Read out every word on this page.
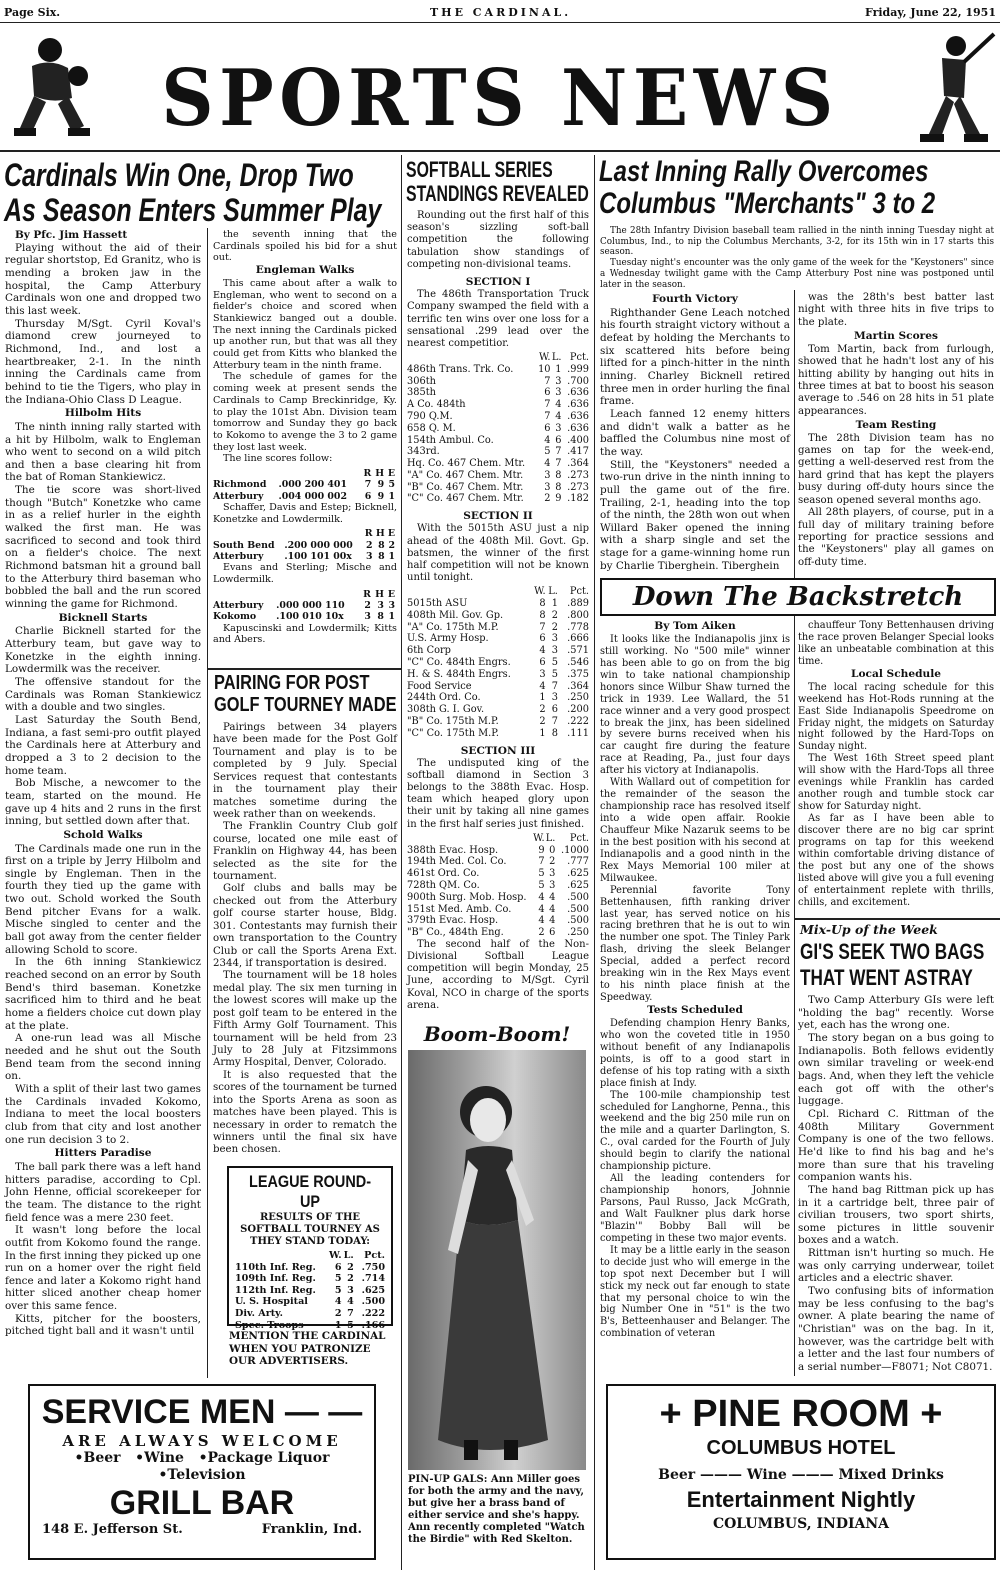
Page Six.	THE CARDINAL.	Friday, June 22, 1951
SPORTS NEWS
Cardinals Win One, Drop Two
As Season Enters Summer Play
By Pfc. Jim Hassett

Playing without the aid of their regular shortstop, Ed Granitz, who is mending a broken jaw in the hospital, the Camp Atterbury Cardinals won one and dropped two this last week.

Thursday M/Sgt. Cyril Koval's diamond crew journeyed to Richmond, Ind., and lost a heartbreaker, 2-1. In the ninth inning the Cardinals came from behind to tie the Tigers, who play in the Indiana-Ohio Class D League.

Hilbolm Hits

The ninth inning rally started with a hit by Hilbolm, walk to Engleman who went to second on a wild pitch and then a base clearing hit from the bat of Roman Stankiewicz.

The tie score was short-lived though "Butch" Konetzke who came in as a relief hurler in the eighth walked the first man. He was sacrificed to second and took third on a fielder's choice. The next Richmond batsman hit a ground ball to the Atterbury third baseman who bobbled the ball and the run scored winning the game for Richmond.

Bicknell Starts

Charlie Bicknell started for the Atterbury team, but gave way to Konetzke in the eighth inning. Lowdermilk was the receiver.

The offensive standout for the Cardinals was Roman Stankiewicz with a double and two singles.

Last Saturday the South Bend, Indiana, a fast semi-pro outfit played the Cardinals here at Atterbury and dropped a 3 to 2 decision to the home team.

Bob Mische, a newcomer to the team, started on the mound. He gave up 4 hits and 2 runs in the first inning, but settled down after that.

Schold Walks

The Cardinals made one run in the first on a triple by Jerry Hilbolm and single by Engleman. Then in the fourth they tied up the game with two out. Schold worked the South Bend pitcher Evans for a walk. Mische singled to center and the ball got away from the center fielder allowing Schold to score.

In the 6th inning Stankiewicz reached second on an error by South Bend's third baseman. Konetzke sacrificed him to third and he beat home a fielders choice cut down play at the plate.

A one-run lead was all Mische needed and he shut out the South Bend team from the second inning on.

With a split of their last two games the Cardinals invaded Kokomo, Indiana to meet the local boosters club from that city and lost another one run decision 3 to 2.

Hitters Paradise

The ball park there was a left hand hitters paradise, according to Cpl. John Henne, official scorekeeper for the team. The distance to the right field fence was a mere 230 feet.

It wasn't long before the local outfit from Kokomo found the range. In the first inning they picked up one run on a homer over the right field fence and later a Kokomo right hand hitter sliced another cheap homer over this same fence.

Kitts, pitcher for the boosters, pitched tight ball and it wasn't until

the seventh inning that the Cardinals spoiled his bid for a shut out.

Engleman Walks

This came about after a walk to Engleman, who went to second on a fielder's choice and scored when Stankiewicz banged out a double. The next inning the Cardinals picked up another run, but that was all they could get from Kitts who blanked the Atterbury team in the ninth frame.

The schedule of games for the coming week at present sends the Cardinals to Camp Breckinridge, Ky. to play the 101st Abn. Division team tomorrow and Sunday they go back to Kokomo to avenge the 3 to 2 game they lost last week.

The line scores follow:

		R	H	E
Richmond	.000 200 401	7	9	5
Atterbury	.004 000 002	6	9	1

Schaffer, Davis and Estep; Bicknell, Konetzke and Lowdermilk.

		R	H	E
South Bend	.200 000 000	2	8	2
Atterbury	.100 101 00x	3	8	1

Evans and Sterling; Mische and Lowdermilk.

		R	H	E
Atterbury	.000 000 110	2	3	3
Kokomo	.100 010 10x	3	8	1

Kapuscinski and Lowdermilk; Kitts and Abers.

PAIRING FOR POST
GOLF TOURNEY MADE

Pairings between 34 players have been made for the Post Golf Tournament and play is to be completed by 9 July. Special Services request that contestants in the tournament play their matches sometime during the week rather than on weekends.

The Franklin Country Club golf course, located one mile east of Franklin on Highway 44, has been selected as the site for the tournament.

Golf clubs and balls may be checked out from the Atterbury golf course starter house, Bldg. 301. Contestants may furnish their own transportation to the Country Club or call the Sports Arena Ext. 2344, if transportation is desired.

The tournament will be 18 holes medal play. The six men turning in the lowest scores will make up the post golf team to be entered in the Fifth Army Golf Tournament. This tournament will be held from 23 July to 28 July at Fitzsimmons Army Hospital, Denver, Colorado.

It is also requested that the scores of the tournament be turned into the Sports Arena as soon as matches have been played. This is necessary in order to rematch the winners until the final six have been chosen.

LEAGUE ROUND-UP
RESULTS OF THE SOFTBALL TOURNEY AS THEY STAND TODAY:
	W.	L.	Pct.
110th Inf. Reg.	6	2	.750
109th Inf. Reg.	5	2	.714
112th Inf. Reg.	5	3	.625
U. S. Hospital	4	4	.500
Div. Arty.	2	7	.222
Spec. Troops	1	5	.166
MENTION THE CARDINAL WHEN YOU PATRONIZE OUR ADVERTISERS.
SOFTBALL SERIES
STANDINGS REVEALED

Rounding out the first half of this season's sizzling soft-ball competition the following tabulation show standings of competing non-divisional teams.

SECTION I

The 486th Transportation Truck Company swamped the field with a terrific ten wins over one loss for a sensational .299 lead over the nearest competitior.

	W.	L.	Pct.
486th Trans. Trk. Co.	10	1	.999
306th	7	3	.700
385th	6	3	.636
A Co. 484th	7	4	.636
790 Q.M.	7	4	.636
658 Q. M.	6	3	.636
154th Ambul. Co.	4	6	.400
343rd.	5	7	.417
Hq. Co. 467 Chem. Mtr.	4	7	.364
"A" Co. 467 Chem. Mtr.	3	8	.273
"B" Co. 467 Chem. Mtr.	3	8	.273
"C" Co. 467 Chem. Mtr.	2	9	.182
SECTION II

With the 5015th ASU just a nip ahead of the 408th Mil. Govt. Gp. batsmen, the winner of the first half competition will not be known until tonight.

	W.	L.	Pct.
5015th ASU	8	1	.889
408th Mil. Gov. Gp.	8	2	.800
"A" Co. 175th M.P.	7	2	.778
U.S. Army Hosp.	6	3	.666
6th Corp	4	3	.571
"C" Co. 484th Engrs.	6	5	.546
H. & S. 484th Engrs.	3	5	.375
Food Service	4	7	.364
244th Ord. Co.	1	3	.250
308th G. I. Gov.	2	6	.200
"B" Co. 175th M.P.	2	7	.222
"C" Co. 175th M.P.	1	8	.111
SECTION III

The undisputed king of the softball diamond in Section 3 belongs to the 388th Evac. Hosp. team which heaped glory upon their unit by taking all nine games in the first half series just finished.

	W.	L.	Pct.
388th Evac. Hosp.	9	0	.1000
194th Med. Col. Co.	7	2	.777
461st Ord. Co.	5	3	.625
728th QM. Co.	5	3	.625
900th Surg. Mob. Hosp.	4	4	.500
151st Med. Amb. Co.	4	4	.500
379th Evac. Hosp.	4	4	.500
"B" Co., 484th Eng.	2	6	.250

The second half of the Non-Divisional Softball League competition will begin Monday, 25 June, according to M/Sgt. Cyril Koval, NCO in charge of the sports arena.

Boom-Boom!
PIN-UP GALS: Ann Miller goes for both the army and the navy, but give her a brass band of either service and she's happy. Ann recently completed "Watch the Birdie" with Red Skelton.
Last Inning Rally Overcomes
Columbus "Merchants" 3 to 2

The 28th Infantry Division baseball team rallied in the ninth inning Tuesday night at Columbus, Ind., to nip the Columbus Merchants, 3-2, for its 15th win in 17 starts this season.

Tuesday night's encounter was the only game of the week for the "Keystoners" since a Wednesday twilight game with the Camp Atterbury Post nine was postponed until later in the season.

Fourth Victory

Righthander Gene Leach notched his fourth straight victory without a defeat by holding the Merchants to six scattered hits before being lifted for a pinch-hitter in the ninth inning. Charley Bicknell retired three men in order hurling the final frame.

Leach fanned 12 enemy hitters and didn't walk a batter as he baffled the Columbus nine most of the way.

Still, the "Keystoners" needed a two-run drive in the ninth inning to pull the game out of the fire. Trailing, 2-1, heading into the top of the ninth, the 28th won out when Willard Baker opened the inning with a sharp single and set the stage for a game-winning home run by Charlie Tiberghein. Tiberghein

was the 28th's best batter last night with three hits in five trips to the plate.

Martin Scores

Tom Martin, back from furlough, showed that he hadn't lost any of his hitting ability by hanging out hits in three times at bat to boost his season average to .546 on 28 hits in 51 plate appearances.

Team Resting

The 28th Division team has no games on tap for the week-end, getting a well-deserved rest from the hard grind that has kept the players busy during off-duty hours since the season opened several months ago.

All 28th players, of course, put in a full day of military training before reporting for practice sessions and the "Keystoners" play all games on off-duty time.

Down The Backstretch
By Tom Aiken

It looks like the Indianapolis jinx is still working. No "500 mile" winner has been able to go on from the big win to take national championship honors since Wilbur Shaw turned the trick in 1939. Lee Wallard, the 51 race winner and a very good prospect to break the jinx, has been sidelined by severe burns received when his car caught fire during the feature race at Reading, Pa., just four days after his victory at Indianapolis.

With Wallard out of competition for the remainder of the season the championship race has resolved itself into a wide open affair. Rookie Chauffeur Mike Nazaruk seems to be in the best position with his second at Indianapolis and a good ninth in the Rex Mays Memorial 100 miler at Milwaukee.

Perennial favorite Tony Bettenhausen, fifth ranking driver last year, has served notice on his racing brethren that he is out to win the number one spot. The Tinley Park flash, driving the sleek Belanger Special, added a perfect record breaking win in the Rex Mays event to his ninth place finish at the Speedway.

Tests Scheduled

Defending champion Henry Banks, who won the coveted title in 1950 without benefit of any Indianapolis points, is off to a good start in defense of his top rating with a sixth place finish at Indy.

The 100-mile championship test scheduled for Langhorne, Penna., this weekend and the big 250 mile run on the mile and a quarter Darlington, S. C., oval carded for the Fourth of July should begin to clarify the national championship picture.

All the leading contenders for championship honors, Johnnie Parsons, Paul Russo, Jack McGrath, and Walt Faulkner plus dark horse "Blazin'" Bobby Ball will be competing in these two major events.

It may be a little early in the season to decide just who will emerge in the top spot next December but I will stick my neck out far enough to state that my personal choice to win the big Number One in "51" is the two B's, Betteenhauser and Belanger. The combination of veteran

chauffeur Tony Bettenhausen driving the race proven Belanger Special looks like an unbeatable combination at this time.

Local Schedule

The local racing schedule for this weekend has Hot-Rods running at the East Side Indianapolis Speedrome on Friday night, the midgets on Saturday night followed by the Hard-Tops on Sunday night.

The West 16th Street speed plant will show with the Hard-Tops all three evenings while Franklin has carded another rough and tumble stock car show for Saturday night.

As far as I have been able to discover there are no big car sprint programs on tap for this weekend within comfortable driving distance of the post but any one of the shows listed above will give you a full evening of entertainment replete with thrills, chills, and excitement.

Mix-Up of the Week
GI'S SEEK TWO BAGS
THAT WENT ASTRAY

Two Camp Atterbury GIs were left "holding the bag" recently. Worse yet, each has the wrong one.

The story began on a bus going to Indianapolis. Both fellows evidently own similar traveling or week-end bags. And, when they left the vehicle each got off with the other's luggage.

Cpl. Richard C. Rittman of the 408th Military Government Company is one of the two fellows. He'd like to find his bag and he's more than sure that his traveling companion wants his.

The hand bag Rittman pick up has in it a cartridge belt, three pair of civilian trousers, two sport shirts, some pictures in little souvenir boxes and a watch.

Rittman isn't hurting so much. He was only carrying underwear, toilet articles and a electric shaver.

Two confusing bits of information may be less confusing to the bag's owner. A plate bearing the name of "Christian" was on the bag. In it, however, was the cartridge belt with a letter and the last four numbers of a serial number—F8071; Not C8071.

SERVICE MEN — —
ARE ALWAYS WELCOME
•Beer   •Wine   •Package Liquor
•Television
GRILL BAR
148 E. Jefferson St.	Franklin, Ind.
+ PINE ROOM +
COLUMBUS HOTEL
Beer ——— Wine ——— Mixed Drinks
Entertainment Nightly
COLUMBUS, INDIANA
